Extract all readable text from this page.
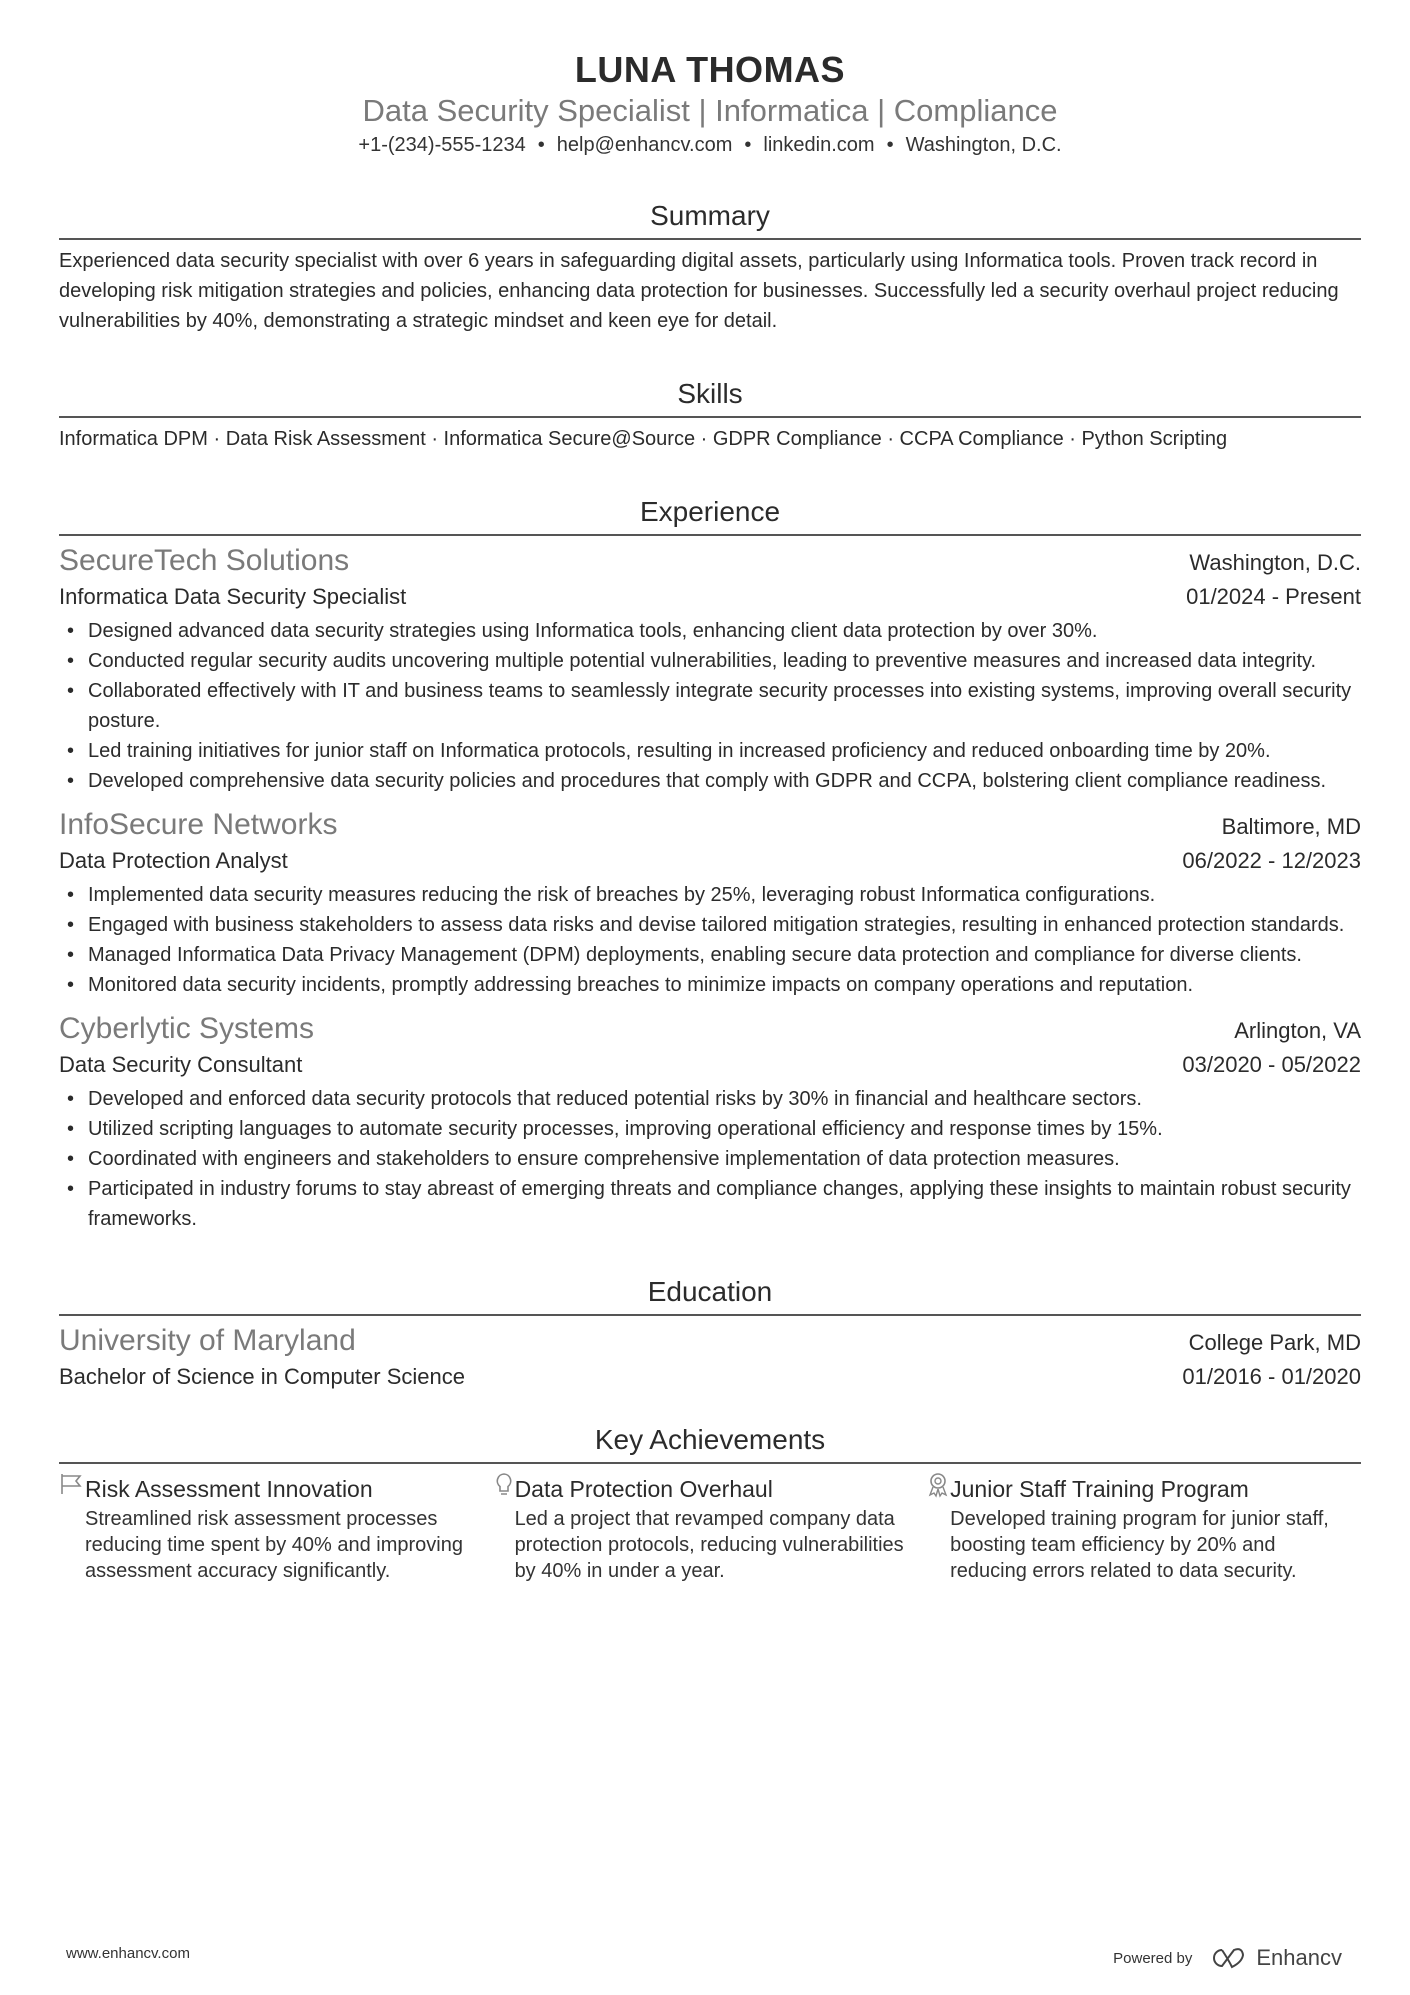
LUNA THOMAS
Data Security Specialist | Informatica | Compliance
+1-(234)-555-1234 • help@enhancv.com • linkedin.com • Washington, D.C.
Summary
Experienced data security specialist with over 6 years in safeguarding digital assets, particularly using Informatica tools. Proven track record in developing risk mitigation strategies and policies, enhancing data protection for businesses. Successfully led a security overhaul project reducing vulnerabilities by 40%, demonstrating a strategic mindset and keen eye for detail.
Skills
Informatica DPM · Data Risk Assessment · Informatica Secure@Source · GDPR Compliance · CCPA Compliance · Python Scripting
Experience
SecureTech Solutions	Washington, D.C.
Informatica Data Security Specialist	01/2024 - Present
• Designed advanced data security strategies using Informatica tools, enhancing client data protection by over 30%.
• Conducted regular security audits uncovering multiple potential vulnerabilities, leading to preventive measures and increased data integrity.
• Collaborated effectively with IT and business teams to seamlessly integrate security processes into existing systems, improving overall security posture.
• Led training initiatives for junior staff on Informatica protocols, resulting in increased proficiency and reduced onboarding time by 20%.
• Developed comprehensive data security policies and procedures that comply with GDPR and CCPA, bolstering client compliance readiness.
InfoSecure Networks	Baltimore, MD
Data Protection Analyst	06/2022 - 12/2023
• Implemented data security measures reducing the risk of breaches by 25%, leveraging robust Informatica configurations.
• Engaged with business stakeholders to assess data risks and devise tailored mitigation strategies, resulting in enhanced protection standards.
• Managed Informatica Data Privacy Management (DPM) deployments, enabling secure data protection and compliance for diverse clients.
• Monitored data security incidents, promptly addressing breaches to minimize impacts on company operations and reputation.
Cyberlytic Systems	Arlington, VA
Data Security Consultant	03/2020 - 05/2022
• Developed and enforced data security protocols that reduced potential risks by 30% in financial and healthcare sectors.
• Utilized scripting languages to automate security processes, improving operational efficiency and response times by 15%.
• Coordinated with engineers and stakeholders to ensure comprehensive implementation of data protection measures.
• Participated in industry forums to stay abreast of emerging threats and compliance changes, applying these insights to maintain robust security frameworks.
Education
University of Maryland	College Park, MD
Bachelor of Science in Computer Science	01/2016 - 01/2020
Key Achievements
Risk Assessment Innovation
Streamlined risk assessment processes reducing time spent by 40% and improving assessment accuracy significantly.
Data Protection Overhaul
Led a project that revamped company data protection protocols, reducing vulnerabilities by 40% in under a year.
Junior Staff Training Program
Developed training program for junior staff, boosting team efficiency by 20% and reducing errors related to data security.
www.enhancv.com	Powered by	Enhancv
